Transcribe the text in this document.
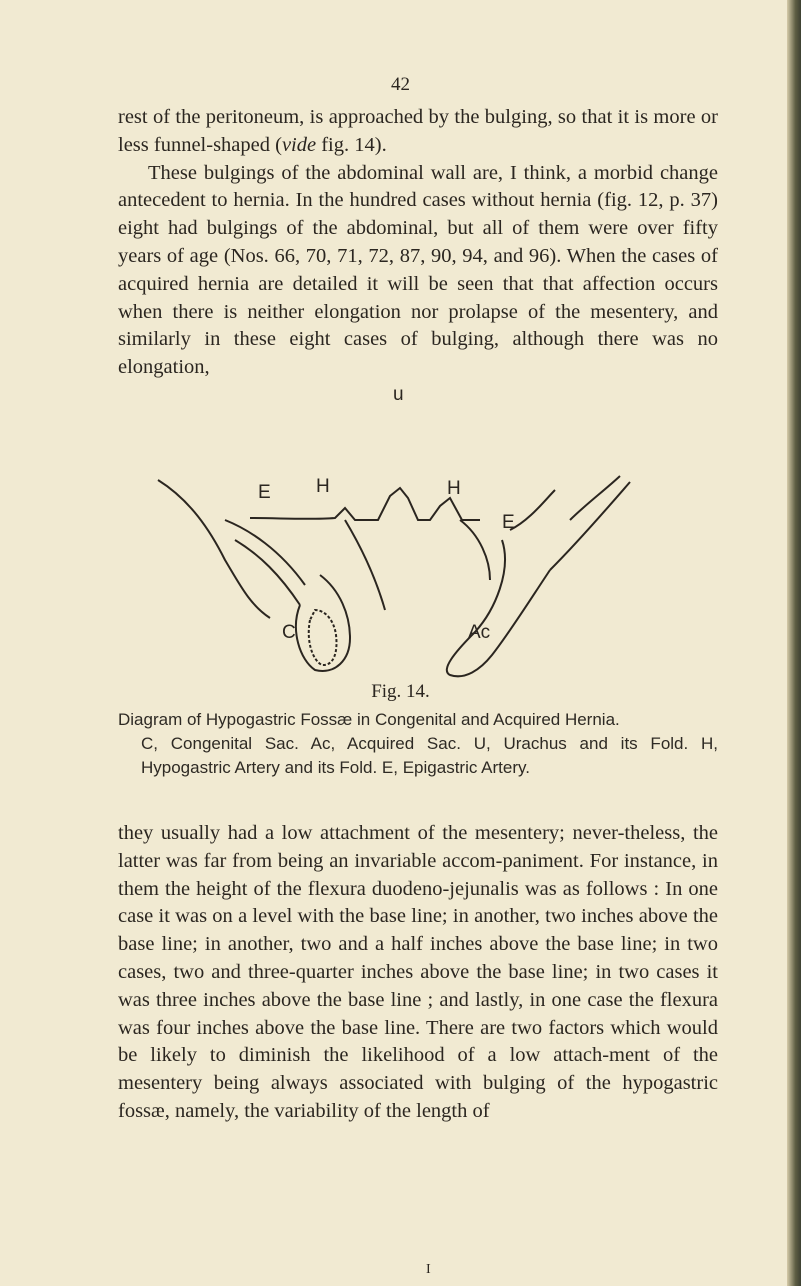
42

rest of the peritoneum, is approached by the bulging, so that it is more or less funnel-shaped (vide fig. 14).

These bulgings of the abdominal wall are, I think, a morbid change antecedent to hernia. In the hundred cases without hernia (fig. 12, p. 37) eight had bulgings of the abdominal, but all of them were over fifty years of age (Nos. 66, 70, 71, 72, 87, 90, 94, and 96). When the cases of acquired hernia are detailed it will be seen that that affection occurs when there is neither elongation nor prolapse of the mesentery, and similarly in these eight cases of bulging, although there was no elongation,

u
E H	H
E
C	Ac
Fig. 14.

Diagram of Hypogastric Fossæ in Congenital and Acquired Hernia.

C, Congenital Sac. Ac, Acquired Sac. U, Urachus and its Fold. H, Hypogastric Artery and its Fold. E, Epigastric Artery.

they usually had a low attachment of the mesentery; never-theless, the latter was far from being an invariable accom-paniment. For instance, in them the height of the flexura duodeno-jejunalis was as follows : In one case it was on a level with the base line; in another, two inches above the base line; in another, two and a half inches above the base line; in two cases, two and three-quarter inches above the base line; in two cases it was three inches above the base line ; and lastly, in one case the flexura was four inches above the base line. There are two factors which would be likely to diminish the likelihood of a low attach-ment of the mesentery being always associated with bulging of the hypogastric fossæ, namely, the variability of the length of
I
